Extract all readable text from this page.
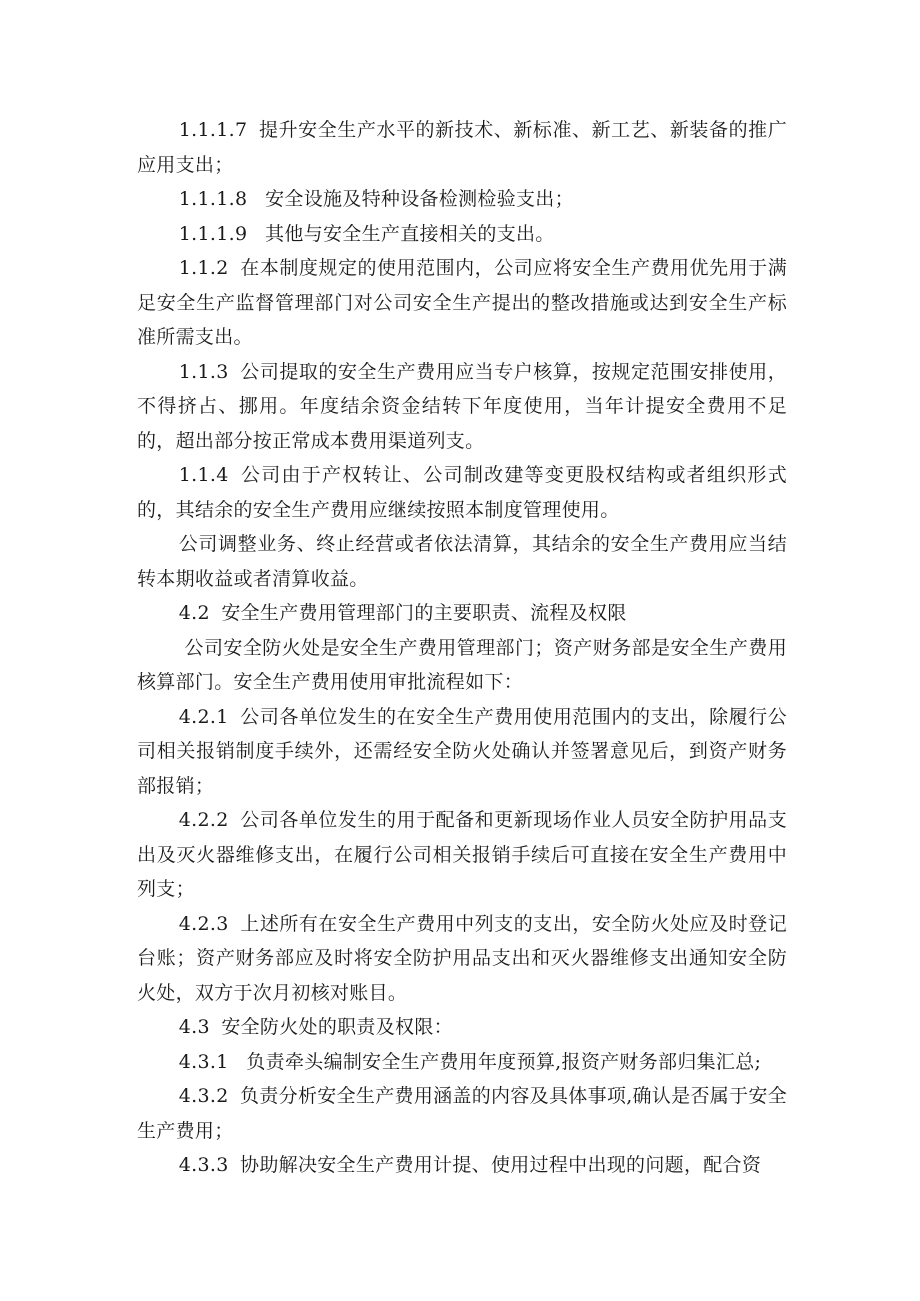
1.1.1.7 提升安全生产水平的新技术、新标准、新工艺、新装备的推广应用支出；

1.1.1.8 安全设施及特种设备检测检验支出；

1.1.1.9 其他与安全生产直接相关的支出。

1.1.2 在本制度规定的使用范围内，公司应将安全生产费用优先用于满足安全生产监督管理部门对公司安全生产提出的整改措施或达到安全生产标准所需支出。

1.1.3 公司提取的安全生产费用应当专户核算，按规定范围安排使用，不得挤占、挪用。年度结余资金结转下年度使用，当年计提安全费用不足的，超出部分按正常成本费用渠道列支。

1.1.4 公司由于产权转让、公司制改建等变更股权结构或者组织形式的，其结余的安全生产费用应继续按照本制度管理使用。

公司调整业务、终止经营或者依法清算，其结余的安全生产费用应当结转本期收益或者清算收益。

4.2 安全生产费用管理部门的主要职责、流程及权限

公司安全防火处是安全生产费用管理部门；资产财务部是安全生产费用核算部门。安全生产费用使用审批流程如下：

4.2.1 公司各单位发生的在安全生产费用使用范围内的支出，除履行公司相关报销制度手续外，还需经安全防火处确认并签署意见后，到资产财务部报销；

4.2.2 公司各单位发生的用于配备和更新现场作业人员安全防护用品支出及灭火器维修支出，在履行公司相关报销手续后可直接在安全生产费用中列支；

4.2.3 上述所有在安全生产费用中列支的支出，安全防火处应及时登记台账；资产财务部应及时将安全防护用品支出和灭火器维修支出通知安全防火处，双方于次月初核对账目。

4.3 安全防火处的职责及权限：

4.3.1 负责牵头编制安全生产费用年度预算,报资产财务部归集汇总;

4.3.2 负责分析安全生产费用涵盖的内容及具体事项,确认是否属于安全生产费用；

4.3.3 协助解决安全生产费用计提、使用过程中出现的问题，配合资
